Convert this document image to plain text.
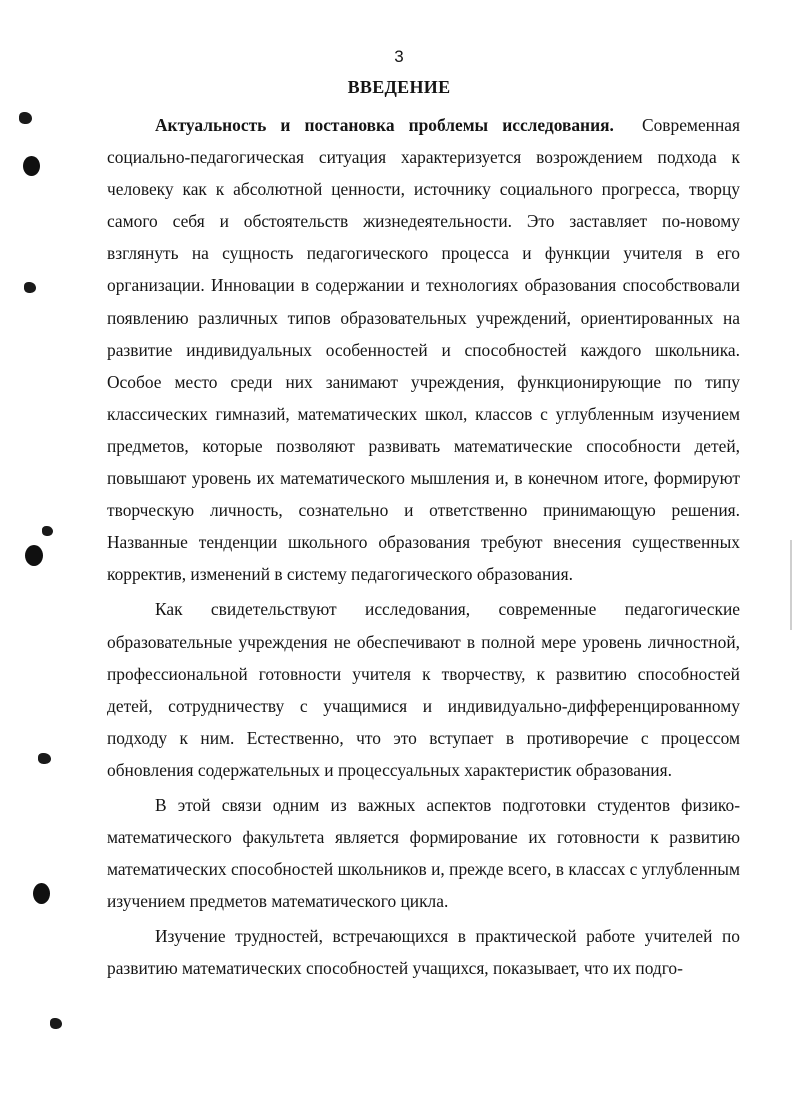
3
ВВЕДЕНИЕ

Актуальность и постановка проблемы исследования. Современная социально-педагогическая ситуация характеризуется возрождением подхода к человеку как к абсолютной ценности, источнику социального прогресса, творцу самого себя и обстоятельств жизнедеятельности. Это заставляет по-новому взглянуть на сущность педагогического процесса и функции учителя в его организации. Инновации в содержании и технологиях образования способствовали появлению различных типов образовательных учреждений, ориентированных на развитие индивидуальных особенностей и способностей каждого школьника. Особое место среди них занимают учреждения, функционирующие по типу классических гимназий, математических школ, классов с углубленным изучением предметов, которые позволяют развивать математические способности детей, повышают уровень их математического мышления и, в конечном итоге, формируют творческую личность, сознательно и ответственно принимающую решения. Названные тенденции школьного образования требуют внесения существенных корректив, изменений в систему педагогического образования.

Как свидетельствуют исследования, современные педагогические образовательные учреждения не обеспечивают в полной мере уровень личностной, профессиональной готовности учителя к творчеству, к развитию способностей детей, сотрудничеству с учащимися и индивидуально-дифференцированному подходу к ним. Естественно, что это вступает в противоречие с процессом обновления содержательных и процессуальных характеристик образования.

В этой связи одним из важных аспектов подготовки студентов физико-математического факультета является формирование их готовности к развитию математических способностей школьников и, прежде всего, в классах с углубленным изучением предметов математического цикла.

Изучение трудностей, встречающихся в практической работе учителей по развитию математических способностей учащихся, показывает, что их подго-
